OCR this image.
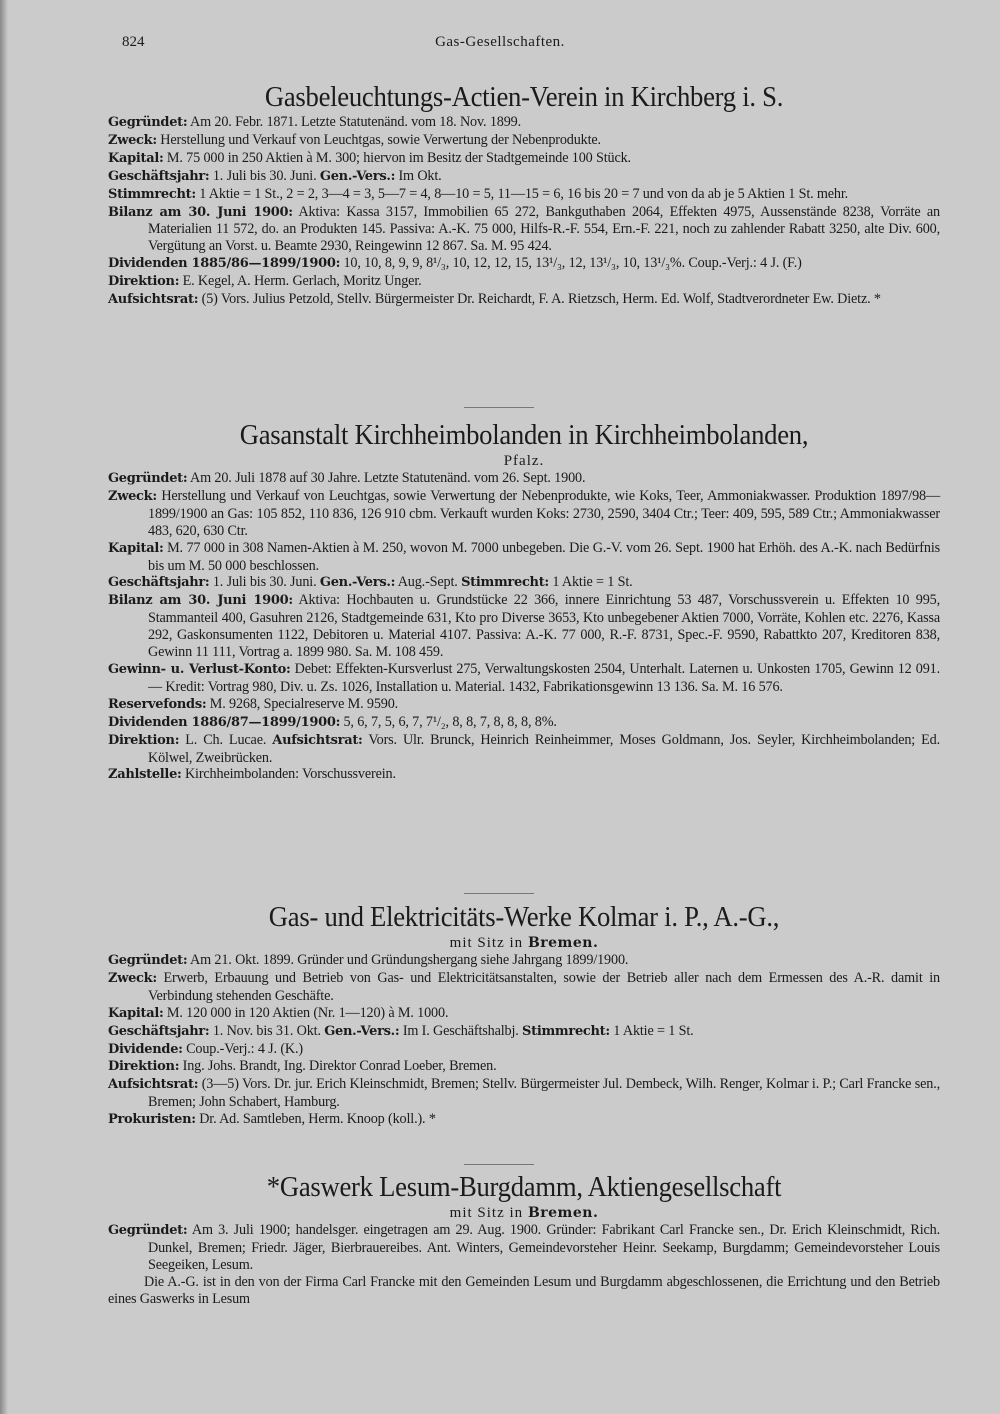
824	Gas-Gesellschaften.
Gasbeleuchtungs-Actien-Verein in Kirchberg i. S.
Gegründet: Am 20. Febr. 1871. Letzte Statutenänd. vom 18. Nov. 1899.
Zweck: Herstellung und Verkauf von Leuchtgas, sowie Verwertung der Nebenprodukte.
Kapital: M. 75 000 in 250 Aktien à M. 300; hiervon im Besitz der Stadtgemeinde 100 Stück.
Geschäftsjahr: 1. Juli bis 30. Juni. Gen.-Vers.: Im Okt.
Stimmrecht: 1 Aktie = 1 St., 2 = 2, 3—4 = 3, 5—7 = 4, 8—10 = 5, 11—15 = 6, 16 bis 20 = 7 und von da ab je 5 Aktien 1 St. mehr.
Bilanz am 30. Juni 1900: Aktiva: Kassa 3157, Immobilien 65 272, Bankguthaben 2064, Effekten 4975, Aussenstände 8238, Vorräte an Materialien 11 572, do. an Produkten 145. Passiva: A.-K. 75 000, Hilfs-R.-F. 554, Ern.-F. 221, noch zu zahlender Rabatt 3250, alte Div. 600, Vergütung an Vorst. u. Beamte 2930, Reingewinn 12 867. Sa. M. 95 424.
Dividenden 1885/86—1899/1900: 10, 10, 8, 9, 9, 8¹/₃, 10, 12, 12, 15, 13¹/₃, 12, 13¹/₃, 10, 13¹/₃%. Coup.-Verj.: 4 J. (F.)
Direktion: E. Kegel, A. Herm. Gerlach, Moritz Unger.
Aufsichtsrat: (5) Vors. Julius Petzold, Stellv. Bürgermeister Dr. Reichardt, F. A. Rietzsch, Herm. Ed. Wolf, Stadtverordneter Ew. Dietz. *
Gasanstalt Kirchheimbolanden in Kirchheimbolanden,
Pfalz.
Gegründet: Am 20. Juli 1878 auf 30 Jahre. Letzte Statutenänd. vom 26. Sept. 1900.
Zweck: Herstellung und Verkauf von Leuchtgas, sowie Verwertung der Nebenprodukte, wie Koks, Teer, Ammoniakwasser. Produktion 1897/98—1899/1900 an Gas: 105 852, 110 836, 126 910 cbm. Verkauft wurden Koks: 2730, 2590, 3404 Ctr.; Teer: 409, 595, 589 Ctr.; Ammoniakwasser 483, 620, 630 Ctr.
Kapital: M. 77 000 in 308 Namen-Aktien à M. 250, wovon M. 7000 unbegeben. Die G.-V. vom 26. Sept. 1900 hat Erhöh. des A.-K. nach Bedürfnis bis um M. 50 000 beschlossen.
Geschäftsjahr: 1. Juli bis 30. Juni. Gen.-Vers.: Aug.-Sept. Stimmrecht: 1 Aktie = 1 St.
Bilanz am 30. Juni 1900: Aktiva: Hochbauten u. Grundstücke 22 366, innere Einrichtung 53 487, Vorschussverein u. Effekten 10 995, Stammanteil 400, Gasuhren 2126, Stadtgemeinde 631, Kto pro Diverse 3653, Kto unbegebener Aktien 7000, Vorräte, Kohlen etc. 2276, Kassa 292, Gaskonsumenten 1122, Debitoren u. Material 4107. Passiva: A.-K. 77 000, R.-F. 8731, Spec.-F. 9590, Rabattkto 207, Kreditoren 838, Gewinn 11 111, Vortrag a. 1899 980. Sa. M. 108 459.
Gewinn- u. Verlust-Konto: Debet: Effekten-Kursverlust 275, Verwaltungskosten 2504, Unterhalt. Laternen u. Unkosten 1705, Gewinn 12 091. — Kredit: Vortrag 980, Div. u. Zs. 1026, Installation u. Material. 1432, Fabrikationsgewinn 13 136. Sa. M. 16 576.
Reservefonds: M. 9268, Specialreserve M. 9590.
Dividenden 1886/87—1899/1900: 5, 6, 7, 5, 6, 7, 7¹/₂, 8, 8, 7, 8, 8, 8, 8%.
Direktion: L. Ch. Lucae. Aufsichtsrat: Vors. Ulr. Brunck, Heinrich Reinheimmer, Moses Goldmann, Jos. Seyler, Kirchheimbolanden; Ed. Kölwel, Zweibrücken.
Zahlstelle: Kirchheimbolanden: Vorschussverein.
Gas- und Elektricitäts-Werke Kolmar i. P., A.-G.,
mit Sitz in Bremen.
Gegründet: Am 21. Okt. 1899. Gründer und Gründungshergang siehe Jahrgang 1899/1900.
Zweck: Erwerb, Erbauung und Betrieb von Gas- und Elektricitätsanstalten, sowie der Betrieb aller nach dem Ermessen des A.-R. damit in Verbindung stehenden Geschäfte.
Kapital: M. 120 000 in 120 Aktien (Nr. 1—120) à M. 1000.
Geschäftsjahr: 1. Nov. bis 31. Okt. Gen.-Vers.: Im I. Geschäftshalbj. Stimmrecht: 1 Aktie = 1 St.
Dividende: Coup.-Verj.: 4 J. (K.)
Direktion: Ing. Johs. Brandt, Ing. Direktor Conrad Loeber, Bremen.
Aufsichtsrat: (3—5) Vors. Dr. jur. Erich Kleinschmidt, Bremen; Stellv. Bürgermeister Jul. Dembeck, Wilh. Renger, Kolmar i. P.; Carl Francke sen., Bremen; John Schabert, Hamburg.
Prokuristen: Dr. Ad. Samtleben, Herm. Knoop (koll.). *
*Gaswerk Lesum-Burgdamm, Aktiengesellschaft
mit Sitz in Bremen.
Gegründet: Am 3. Juli 1900; handelsger. eingetragen am 29. Aug. 1900. Gründer: Fabrikant Carl Francke sen., Dr. Erich Kleinschmidt, Rich. Dunkel, Bremen; Friedr. Jäger, Bierbrauereibes. Ant. Winters, Gemeindevorsteher Heinr. Seekamp, Burgdamm; Gemeindevorsteher Louis Seegeiken, Lesum.
Die A.-G. ist in den von der Firma Carl Francke mit den Gemeinden Lesum und Burgdamm abgeschlossenen, die Errichtung und den Betrieb eines Gaswerks in Lesum
